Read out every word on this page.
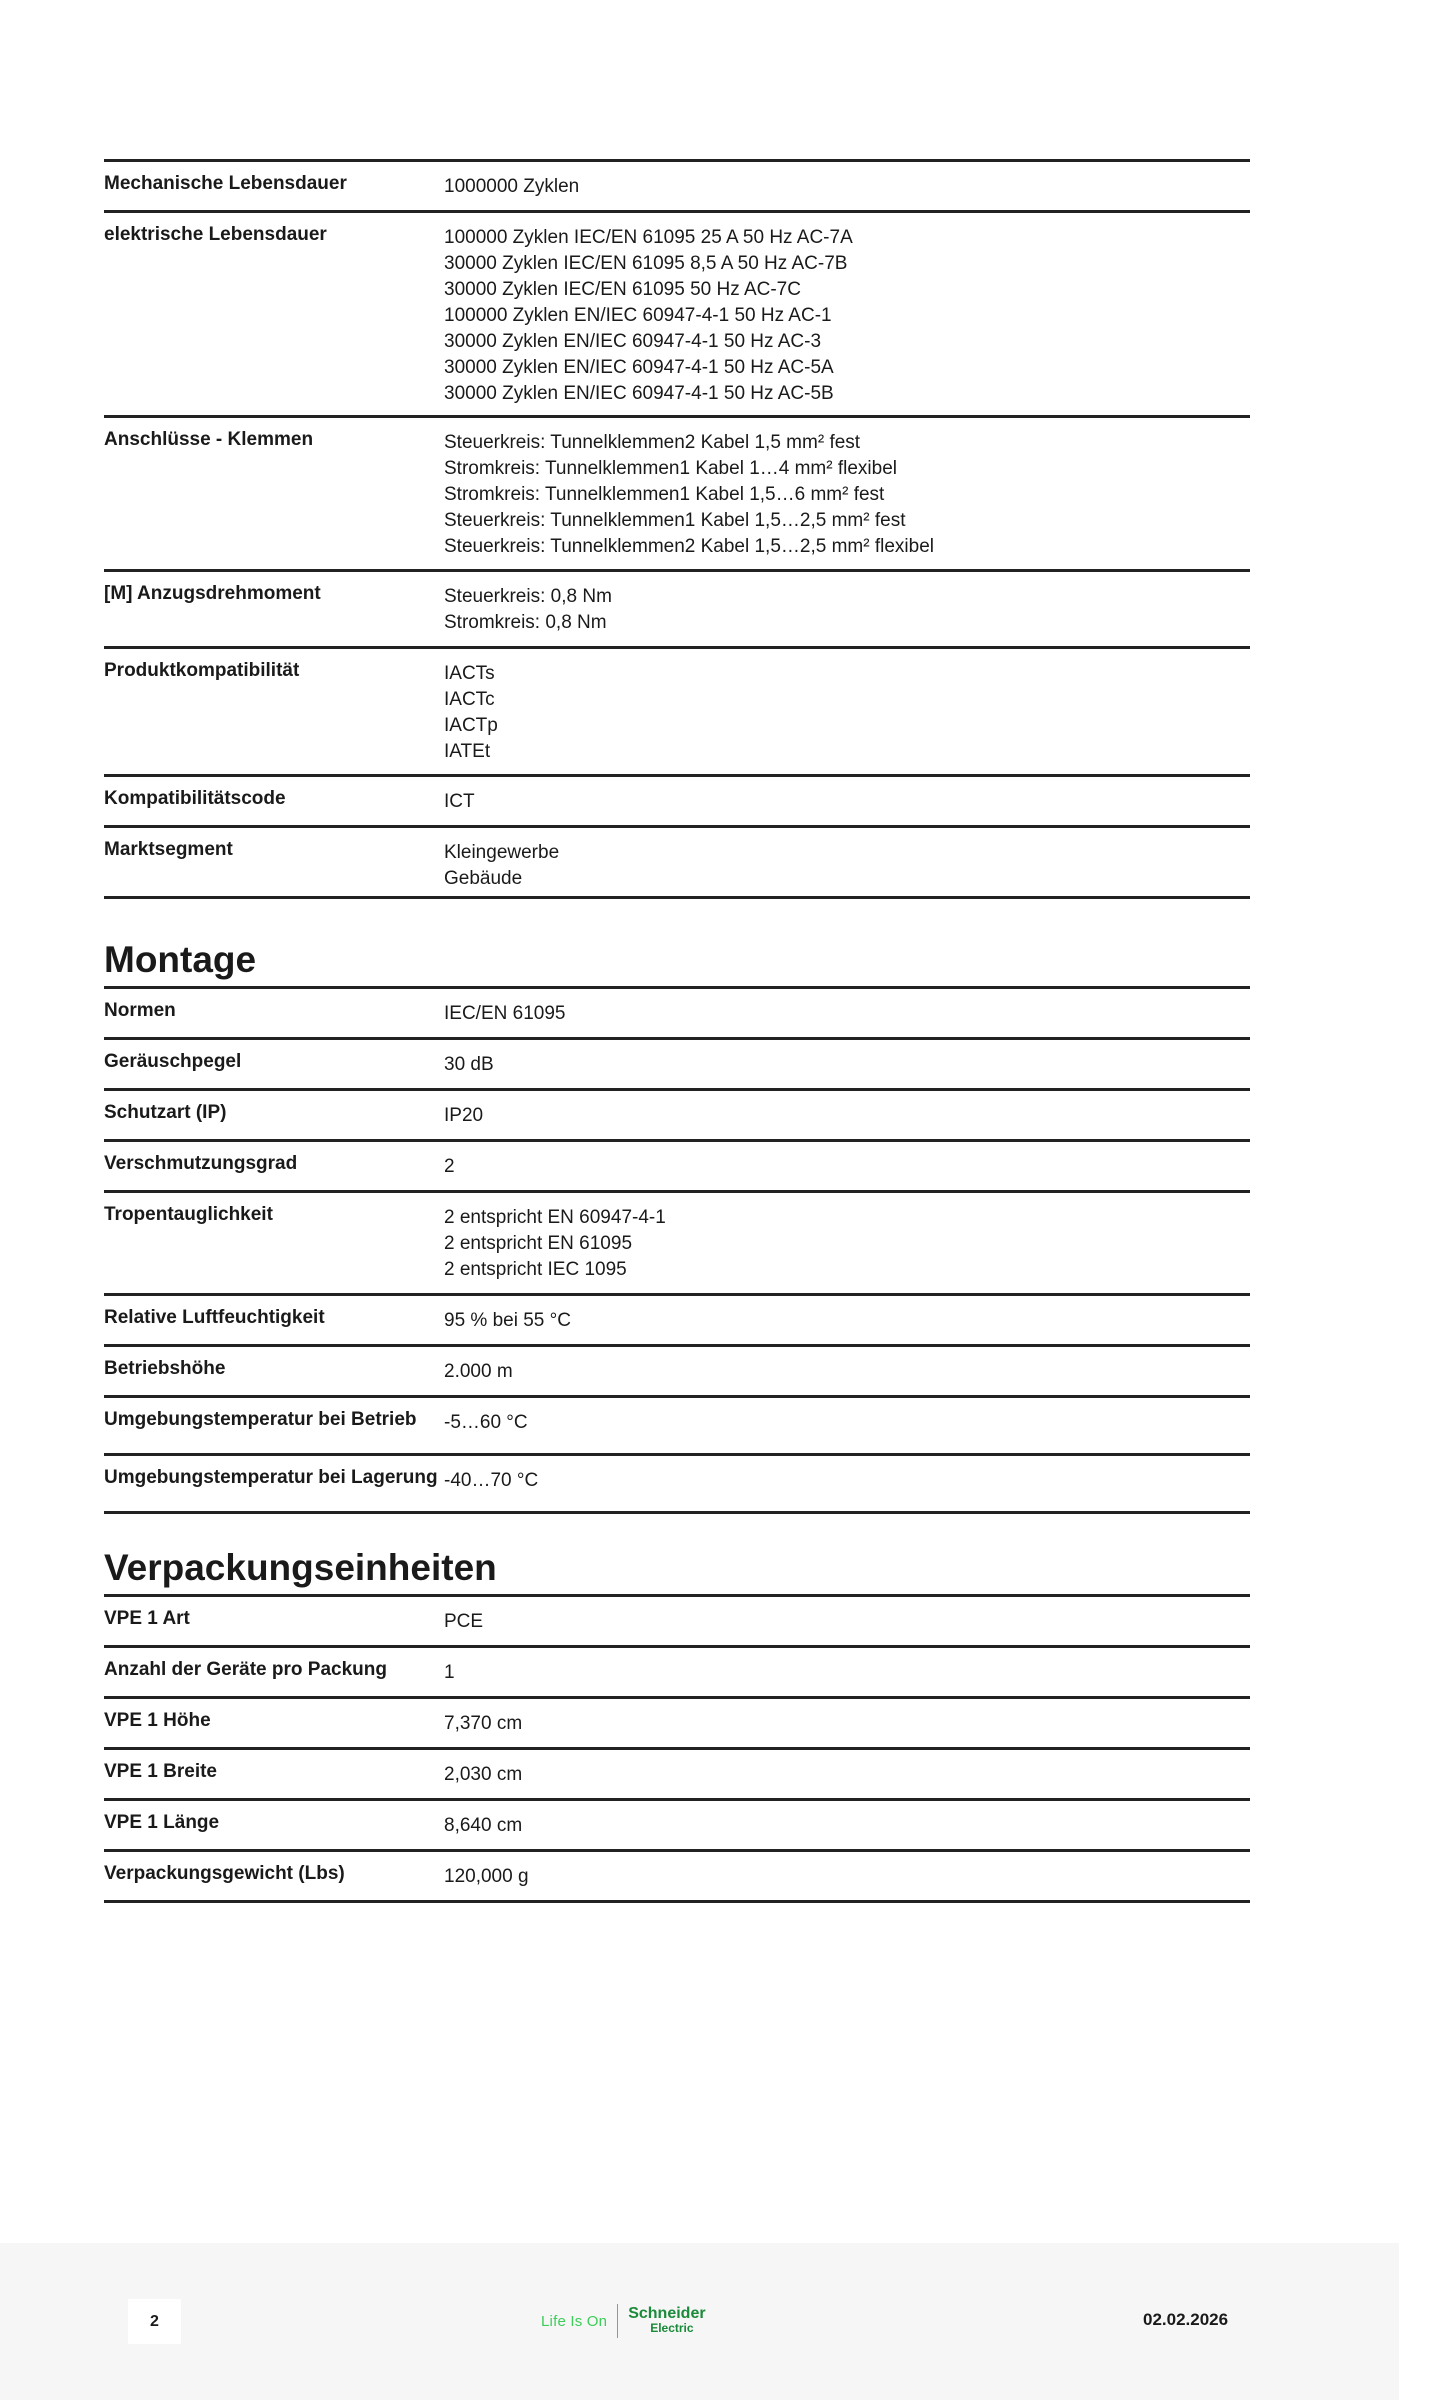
Mechanische Lebensdauer	1000000 Zyklen
elektrische Lebensdauer	100000 Zyklen IEC/EN 61095 25 A 50 Hz AC-7A
30000 Zyklen IEC/EN 61095 8,5 A 50 Hz AC-7B
30000 Zyklen IEC/EN 61095 50 Hz AC-7C
100000 Zyklen EN/IEC 60947-4-1 50 Hz AC-1
30000 Zyklen EN/IEC 60947-4-1 50 Hz AC-3
30000 Zyklen EN/IEC 60947-4-1 50 Hz AC-5A
30000 Zyklen EN/IEC 60947-4-1 50 Hz AC-5B
Anschlüsse - Klemmen	Steuerkreis: Tunnelklemmen2 Kabel 1,5 mm² fest
Stromkreis: Tunnelklemmen1 Kabel 1…4 mm² flexibel
Stromkreis: Tunnelklemmen1 Kabel 1,5…6 mm² fest
Steuerkreis: Tunnelklemmen1 Kabel 1,5…2,5 mm² fest
Steuerkreis: Tunnelklemmen2 Kabel 1,5…2,5 mm² flexibel
[M] Anzugsdrehmoment	Steuerkreis: 0,8 Nm
Stromkreis: 0,8 Nm
Produktkompatibilität	IACTs
IACTc
IACTp
IATEt
Kompatibilitätscode	ICT
Marktsegment	Kleingewerbe
Gebäude
Montage
Normen	IEC/EN 61095
Geräuschpegel	30 dB
Schutzart (IP)	IP20
Verschmutzungsgrad	2
Tropentauglichkeit	2 entspricht EN 60947-4-1
2 entspricht EN 61095
2 entspricht IEC 1095
Relative Luftfeuchtigkeit	95 % bei 55 °C
Betriebshöhe	2.000 m
Umgebungstemperatur bei Betrieb	-5…60 °C
Umgebungstemperatur bei Lagerung -40…70 °C
Verpackungseinheiten
VPE 1 Art	PCE
Anzahl der Geräte pro Packung	1
VPE 1 Höhe	7,370 cm
VPE 1 Breite	2,030 cm
VPE 1 Länge	8,640 cm
Verpackungsgewicht (Lbs)	120,000 g
2	Life Is On Schneider
Electric	02.02.2026
